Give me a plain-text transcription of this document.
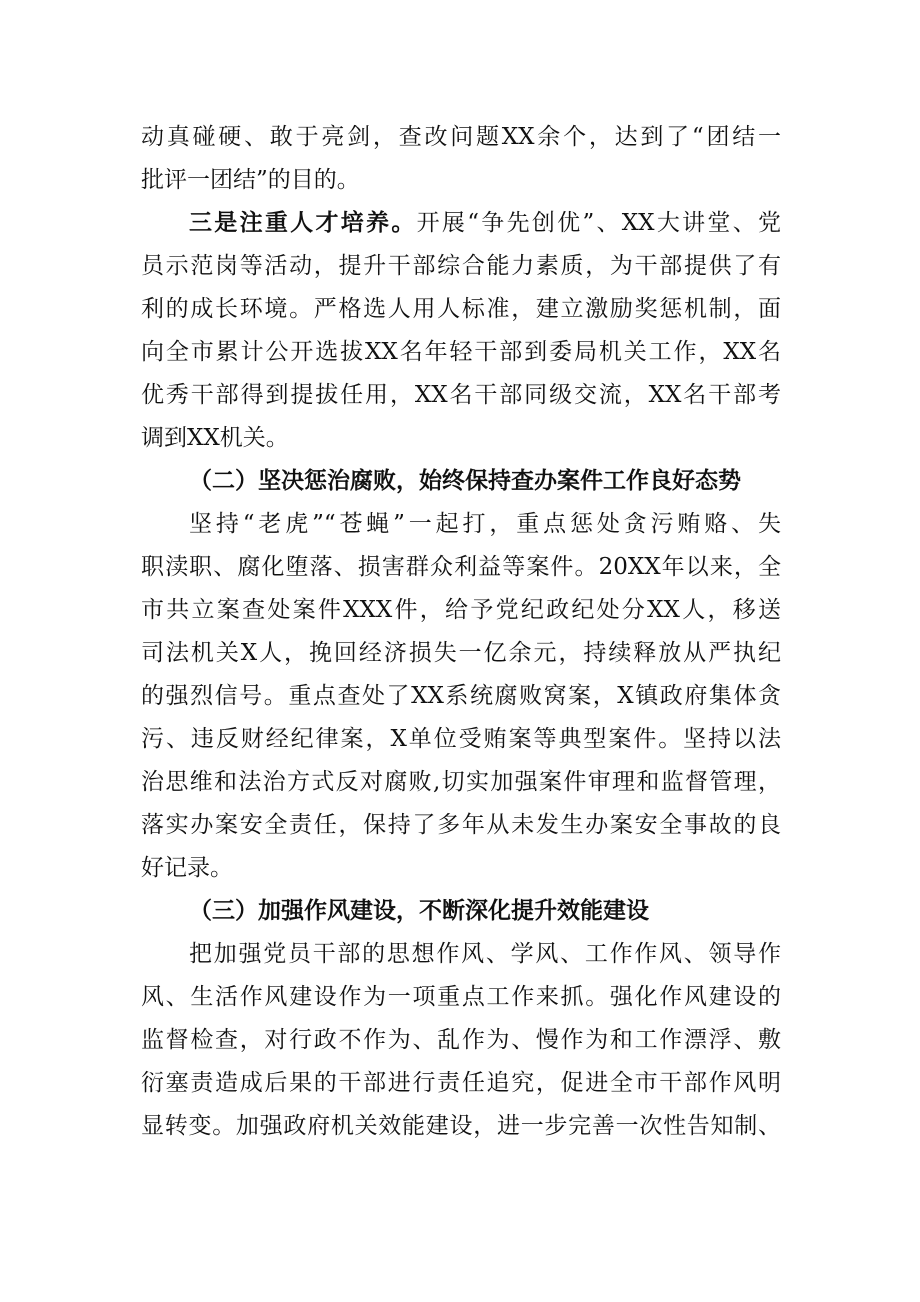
动真碰硬、敢于亮剑，查改问题XX余个，达到了“团结一
批评一团结”的目的。
三是注重人才培养。开展“争先创优”、XX大讲堂、党
员示范岗等活动，提升干部综合能力素质，为干部提供了有
利的成长环境。严格选人用人标准，建立激励奖惩机制，面
向全市累计公开选拔XX名年轻干部到委局机关工作，XX名
优秀干部得到提拔任用，XX名干部同级交流，XX名干部考
调到XX机关。
（二）坚决惩治腐败，始终保持查办案件工作良好态势
坚持“老虎”“苍蝇”一起打，重点惩处贪污贿赂、失
职渎职、腐化堕落、损害群众利益等案件。20XX年以来，全
市共立案查处案件XXX件，给予党纪政纪处分XX人，移送
司法机关X人，挽回经济损失一亿余元，持续释放从严执纪
的强烈信号。重点查处了XX系统腐败窝案，X镇政府集体贪
污、违反财经纪律案，X单位受贿案等典型案件。坚持以法
治思维和法治方式反对腐败,切实加强案件审理和监督管理，
落实办案安全责任，保持了多年从未发生办案安全事故的良
好记录。
（三）加强作风建设，不断深化提升效能建设
把加强党员干部的思想作风、学风、工作作风、领导作
风、生活作风建设作为一项重点工作来抓。强化作风建设的
监督检查，对行政不作为、乱作为、慢作为和工作漂浮、敷
衍塞责造成后果的干部进行责任追究，促进全市干部作风明
显转变。加强政府机关效能建设，进一步完善一次性告知制、
